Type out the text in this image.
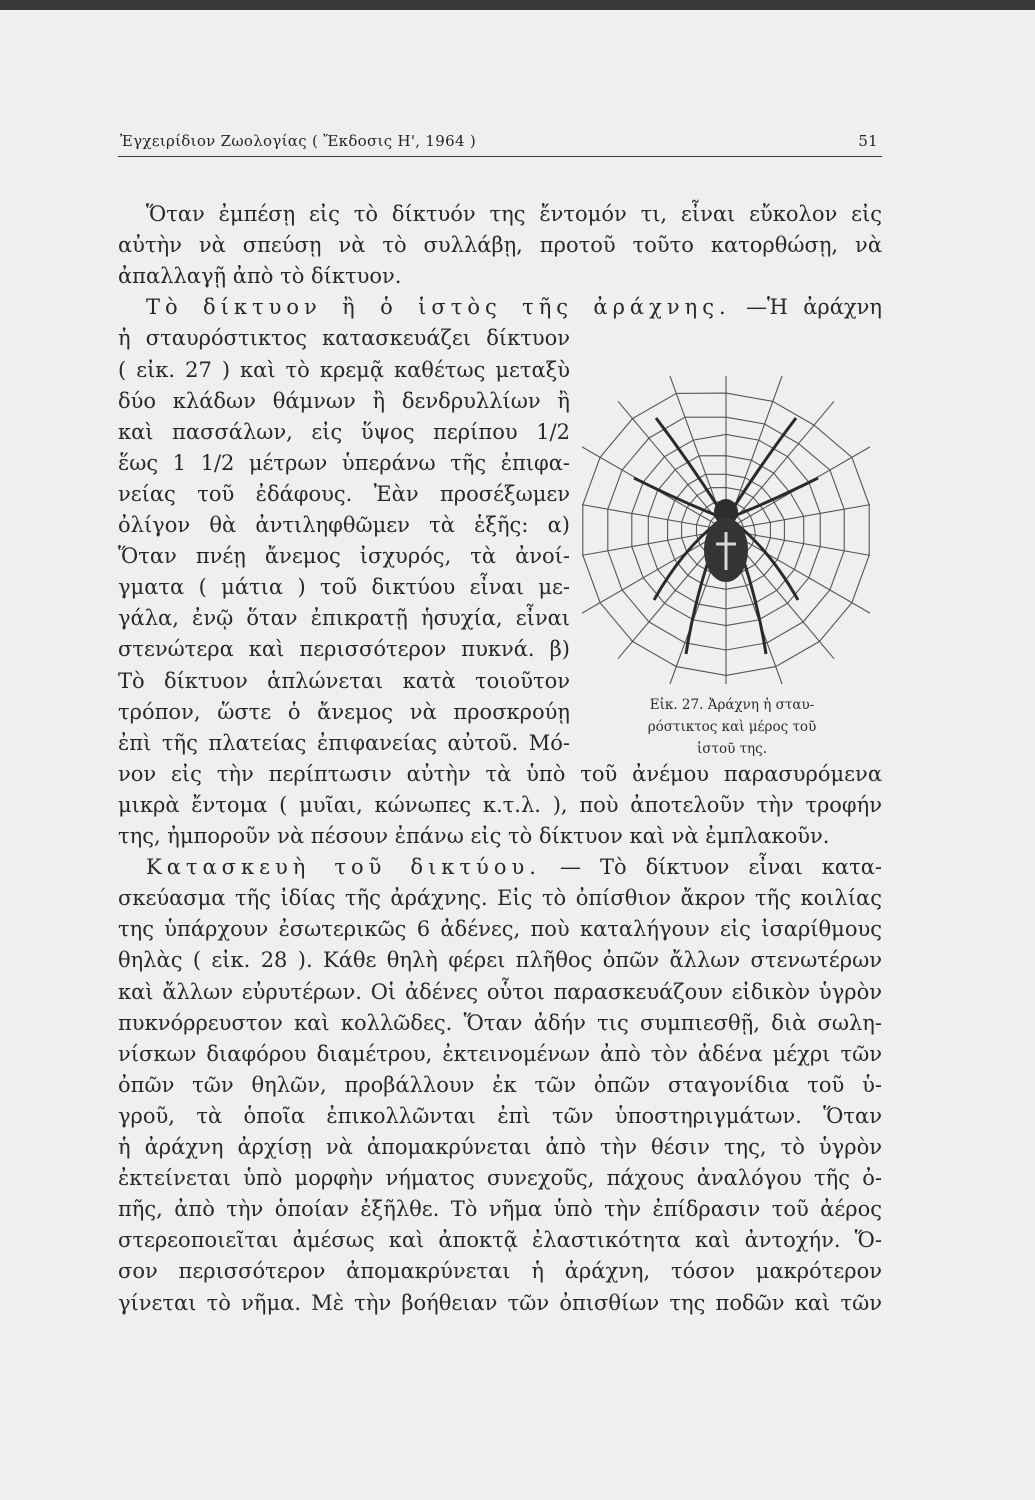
Ἐγχειρίδιον Ζωολογίας ( Ἔκδοσις Η', 1964 )	51
Ὅταν ἐμπέσῃ εἰς τὸ δίκτυόν της ἔντομόν τι, εἶναι εὔκολον εἰς
αὐτὴν νὰ σπεύσῃ νὰ τὸ συλλάβῃ, προτοῦ τοῦτο κατορθώσῃ, νὰ
ἀπαλλαγῇ ἀπὸ τὸ δίκτυον.
Τὸ δίκτυον ἢ ὁ ἱστὸς τῆς ἀράχνης. —Ἡ ἀράχνη
ἡ σταυρόστικτος κατασκευάζει δίκτυον
( εἰκ. 27 ) καὶ τὸ κρεμᾷ καθέτως μεταξὺ
δύο κλάδων θάμνων ἢ δενδρυλλίων ἢ
καὶ πασσάλων, εἰς ὕψος περίπου 1/2
ἕως 1 1/2 μέτρων ὑπεράνω τῆς ἐπιφα-
νείας τοῦ ἐδάφους. Ἐὰν προσέξωμεν
ὀλίγον θὰ ἀντιληφθῶμεν τὰ ἑξῆς: α)
Ὅταν πνέῃ ἄνεμος ἰσχυρός, τὰ ἀνοί-
γματα ( μάτια ) τοῦ δικτύου εἶναι με-
γάλα, ἐνῷ ὅταν ἐπικρατῇ ἡσυχία, εἶναι
στενώτερα καὶ περισσότερον πυκνά. β)
Τὸ δίκτυον ἁπλώνεται κατὰ τοιοῦτον
τρόπον, ὥστε ὁ ἄνεμος νὰ προσκρούῃ
ἐπὶ τῆς πλατείας ἐπιφανείας αὐτοῦ. Μό-
νον εἰς τὴν περίπτωσιν αὐτὴν τὰ ὑπὸ τοῦ ἀνέμου παρασυρόμενα
μικρὰ ἔντομα ( μυῖαι, κώνωπες κ.τ.λ. ), ποὺ ἀποτελοῦν τὴν τροφήν
της, ἠμποροῦν νὰ πέσουν ἐπάνω εἰς τὸ δίκτυον καὶ νὰ ἐμπλακοῦν.
Κατασκευὴ τοῦ δικτύου. — Τὸ δίκτυον εἶναι κατα-
σκεύασμα τῆς ἰδίας τῆς ἀράχνης. Εἰς τὸ ὀπίσθιον ἄκρον τῆς κοιλίας
της ὑπάρχουν ἐσωτερικῶς 6 ἀδένες, ποὺ καταλήγουν εἰς ἰσαρίθμους
θηλὰς ( εἰκ. 28 ). Κάθε θηλὴ φέρει πλῆθος ὀπῶν ἄλλων στενωτέρων
καὶ ἄλλων εὐρυτέρων. Οἱ ἀδένες οὗτοι παρασκευάζουν εἰδικὸν ὑγρὸν
πυκνόρρευστον καὶ κολλῶδες. Ὅταν ἀδήν τις συμπιεσθῇ, διὰ σωλη-
νίσκων διαφόρου διαμέτρου, ἐκτεινομένων ἀπὸ τὸν ἀδένα μέχρι τῶν
ὀπῶν τῶν θηλῶν, προβάλλουν ἐκ τῶν ὀπῶν σταγονίδια τοῦ ὑ-
γροῦ, τὰ ὁποῖα ἐπικολλῶνται ἐπὶ τῶν ὑποστηριγμάτων. Ὅταν
ἡ ἀράχνη ἀρχίσῃ νὰ ἀπομακρύνεται ἀπὸ τὴν θέσιν της, τὸ ὑγρὸν
ἐκτείνεται ὑπὸ μορφὴν νήματος συνεχοῦς, πάχους ἀναλόγου τῆς ὀ-
πῆς, ἀπὸ τὴν ὁποίαν ἐξῆλθε. Τὸ νῆμα ὑπὸ τὴν ἐπίδρασιν τοῦ ἀέρος
στερεοποιεῖται ἀμέσως καὶ ἀποκτᾷ ἐλαστικότητα καὶ ἀντοχήν. Ὅ-
σον περισσότερον ἀπομακρύνεται ἡ ἀράχνη, τόσον μακρότερον
γίνεται τὸ νῆμα. Μὲ τὴν βοήθειαν τῶν ὀπισθίων της ποδῶν καὶ τῶν
Εἰκ. 27. Ἀράχνη ἡ σταυ-
ρόστικτος καὶ μέρος τοῦ
ἱστοῦ της.
